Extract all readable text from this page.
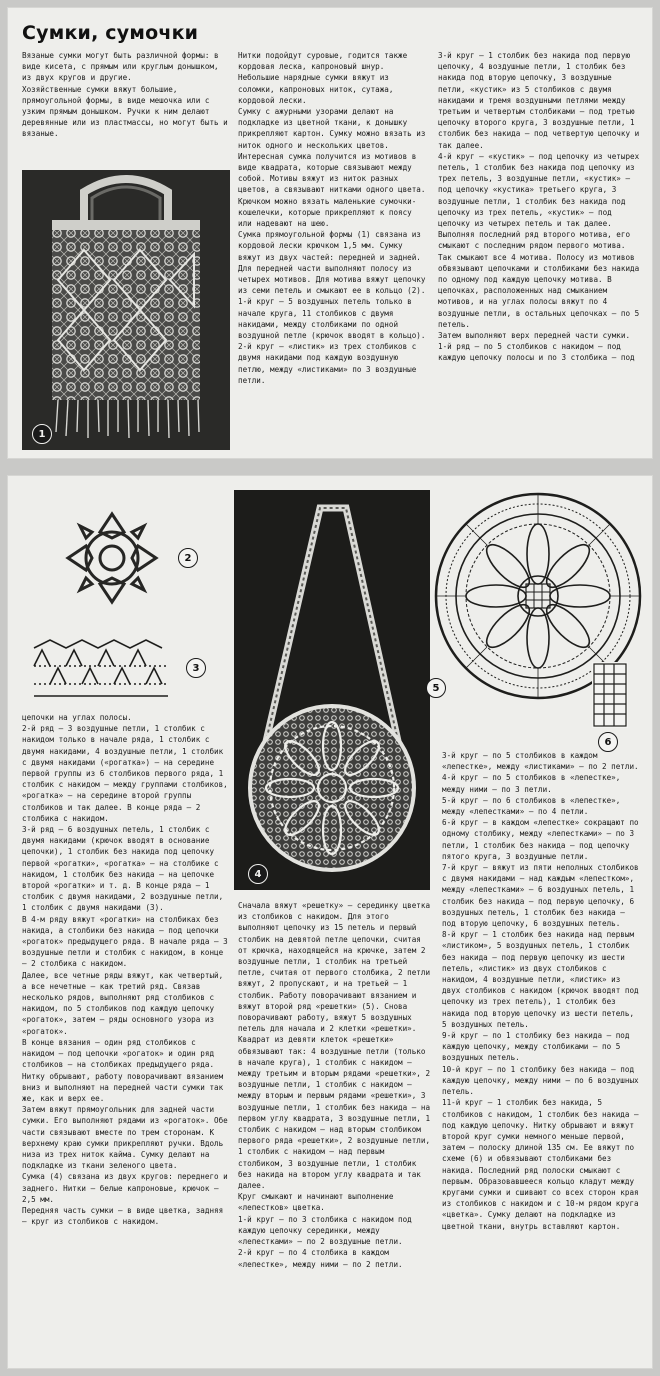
Сумки, сумочки

Вязаные сумки могут быть различной формы: в виде кисета, с прямым или круглым донышком, из двух кругов и другие.
Хозяйственные сумки вяжут большие, прямоугольной формы, в виде мешочка или с узким прямым донышком. Ручки к ним делают деревянные или из пластмассы, но могут быть и вязаные.

1

Нитки подойдут суровые, годится также кордовая леска, капроновый шнур.
Небольшие нарядные сумки вяжут из соломки, капроновых ниток, сутажа, кордовой лески.
Сумку с ажурными узорами делают на подкладке из цветной ткани, к донышку прикрепляют картон. Сумку можно вязать из ниток одного и нескольких цветов. Интересная сумка получится из мотивов в виде квадрата, которые связывают между собой. Мотивы вяжут из ниток разных цветов, а связывают нитками одного цвета.
Крючком можно вязать маленькие сумочки-кошелечки, которые прикрепляют к поясу или надевают на шею.
Сумка прямоугольной формы (1) связана из кордовой лески крючком 1,5 мм. Сумку вяжут из двух частей: передней и задней. Для передней части выполняют полосу из четырех мотивов. Для мотива вяжут цепочку из семи петель и смыкают ее в кольцо (2).
1-й круг — 5 воздушных петель только в начале круга, 11 столбиков с двумя накидами, между столбиками по одной воздушной петле (крючок вводят в кольцо).
2-й круг — «листик» из трех столбиков с двумя накидами под каждую воздушную петлю, между «листиками» по 3 воздушные петли.

3-й круг — 1 столбик без накида под первую цепочку, 4 воздушные петли, 1 столбик без накида под вторую цепочку, 3 воздушные петли, «кустик» из 5 столбиков с двумя накидами и тремя воздушными петлями между третьим и четвертым столбиками — под третью цепочку второго круга, 3 воздушные петли, 1 столбик без накида — под четвертую цепочку и так далее.
4-й круг — «кустик» — под цепочку из четырех петель, 1 столбик без накида под цепочку из трех петель, 3 воздушные петли, «кустик» — под цепочку «кустика» третьего круга, 3 воздушные петли, 1 столбик без накида под цепочку из трех петель, «кустик» — под цепочку из четырех петель и так далее.
Выполняя последний ряд второго мотива, его смыкают с последним рядом первого мотива. Так смыкают все 4 мотива. Полосу из мотивов обвязывают цепочками и столбиками без накида по одному под каждую цепочку мотива. В цепочках, расположенных над смыканием мотивов, и на углах полосы вяжут по 4 воздушные петли, в остальных цепочках — по 5 петель.
Затем выполняют верх передней части сумки.
1-й ряд — по 5 столбиков с накидом — под каждую цепочку полосы и по 3 столбика — под

2
3
4
5
6

цепочки на углах полосы.
2-й ряд — 3 воздушные петли, 1 столбик с накидом только в начале ряда, 1 столбик с двумя накидами, 4 воздушные петли, 1 столбик с двумя накидами («рогатка») — на середине первой группы из 6 столбиков первого ряда, 1 столбик с накидом — между группами столбиков, «рогатка» — на середине второй группы столбиков и так далее. В конце ряда — 2 столбика с накидом.
3-й ряд — 6 воздушных петель, 1 столбик с двумя накидами (крючок вводят в основание цепочки), 1 столбик без накида под цепочку первой «рогатки», «рогатка» — на столбике с накидом, 1 столбик без накида — на цепочке второй «рогатки» и т. д. В конце ряда — 1 столбик с двумя накидами, 2 воздушные петли, 1 столбик с двумя накидами (3).
В 4-м ряду вяжут «рогатки» на столбиках без накида, а столбики без накида — под цепочки «рогаток» предыдущего ряда. В начале ряда — 3 воздушные петли и столбик с накидом, в конце — 2 столбика с накидом.
Далее, все четные ряды вяжут, как четвертый, а все нечетные — как третий ряд. Связав несколько рядов, выполняют ряд столбиков с накидом, по 5 столбиков под каждую цепочку «рогаток», затем — ряды основного узора из «рогаток».
В конце вязания — один ряд столбиков с накидом — под цепочки «рогаток» и один ряд столбиков — на столбиках предыдущего ряда. Нитку обрывают, работу поворачивают вязанием вниз и выполняют на передней части сумки так же, как и верх ее.
Затем вяжут прямоугольник для задней части сумки. Его выполняют рядами из «рогаток». Обе части связывают вместе по трем сторонам. К верхнему краю сумки прикрепляют ручки. Вдоль низа из трех ниток кайма. Сумку делают на подкладке из ткани зеленого цвета.
Сумка (4) связана из двух кругов: переднего и заднего. Нитки — белые капроновые, крючок — 2,5 мм.
Передняя часть сумки — в виде цветка, задняя — круг из столбиков с накидом.

Сначала вяжут «решетку» — серединку цветка из столбиков с накидом. Для этого выполняют цепочку из 15 петель и первый столбик на девятой петле цепочки, считая от крючка, находящейся на крючке, затем 2 воздушные петли, 1 столбик на третьей петле, считая от первого столбика, 2 петли вяжут, 2 пропускают, и на третьей — 1 столбик. Работу поворачивают вязанием и вяжут второй ряд «решетки» (5). Снова поворачивают работу, вяжут 5 воздушных петель для начала и 2 клетки «решетки». Квадрат из девяти клеток «решетки» обвязывают так: 4 воздушные петли (только в начале круга), 1 столбик с накидом — между третьим и вторым рядами «решетки», 2 воздушные петли, 1 столбик с накидом — между вторым и первым рядами «решетки», 3 воздушные петли, 1 столбик без накида — на первом углу квадрата, 3 воздушные петли, 1 столбик с накидом — над вторым столбиком первого ряда «решетки», 2 воздушные петли, 1 столбик с накидом — над первым столбиком, 3 воздушные петли, 1 столбик без накида на втором углу квадрата и так далее.
Круг смыкают и начинают выполнение «лепестков» цветка.
1-й круг — по 3 столбика с накидом под каждую цепочку серединки, между «лепестками» — по 2 воздушные петли.
2-й круг — по 4 столбика в каждом «лепестке», между ними — по 2 петли.

3-й круг — по 5 столбиков в каждом «лепестке», между «листиками» — по 2 петли.
4-й круг — по 5 столбиков в «лепестке», между ними — по 3 петли.
5-й круг — по 6 столбиков в «лепестке», между «лепестками» — по 4 петли.
6-й круг — в каждом «лепестке» сокращают по одному столбику, между «лепестками» — по 3 петли, 1 столбик без накида — под цепочку пятого круга, 3 воздушные петли.
7-й круг — вяжут из пяти неполных столбиков с двумя накидами — над каждым «лепестком», между «лепестками» — 6 воздушных петель, 1 столбик без накида — под первую цепочку, 6 воздушных петель, 1 столбик без накида — под вторую цепочку, 6 воздушных петель.
8-й круг — 1 столбик без накида над первым «листиком», 5 воздушных петель, 1 столбик без накида — под первую цепочку из шести петель, «листик» из двух столбиков с накидом, 4 воздушные петли, «листик» из двух столбиков с накидом (крючок вводят под цепочку из трех петель), 1 столбик без накида под вторую цепочку из шести петель, 5 воздушных петель.
9-й круг — по 1 столбику без накида — под каждую цепочку, между столбиками — по 5 воздушных петель.
10-й круг — по 1 столбику без накида — под каждую цепочку, между ними — по 6 воздушных петель.
11-й круг — 1 столбик без накида, 5 столбиков с накидом, 1 столбик без накида — под каждую цепочку. Нитку обрывают и вяжут второй круг сумки немного меньше первой, затем — полоску длиной 135 см. Ее вяжут по схеме (6) и обвязывают столбиками без накида. Последний ряд полоски смыкают с первым. Образовавшееся кольцо кладут между кругами сумки и сшивают со всех сторон края из столбиков с накидом и с 10-м рядом круга «цветка». Сумку делают на подкладке из цветной ткани, внутрь вставляют картон.
